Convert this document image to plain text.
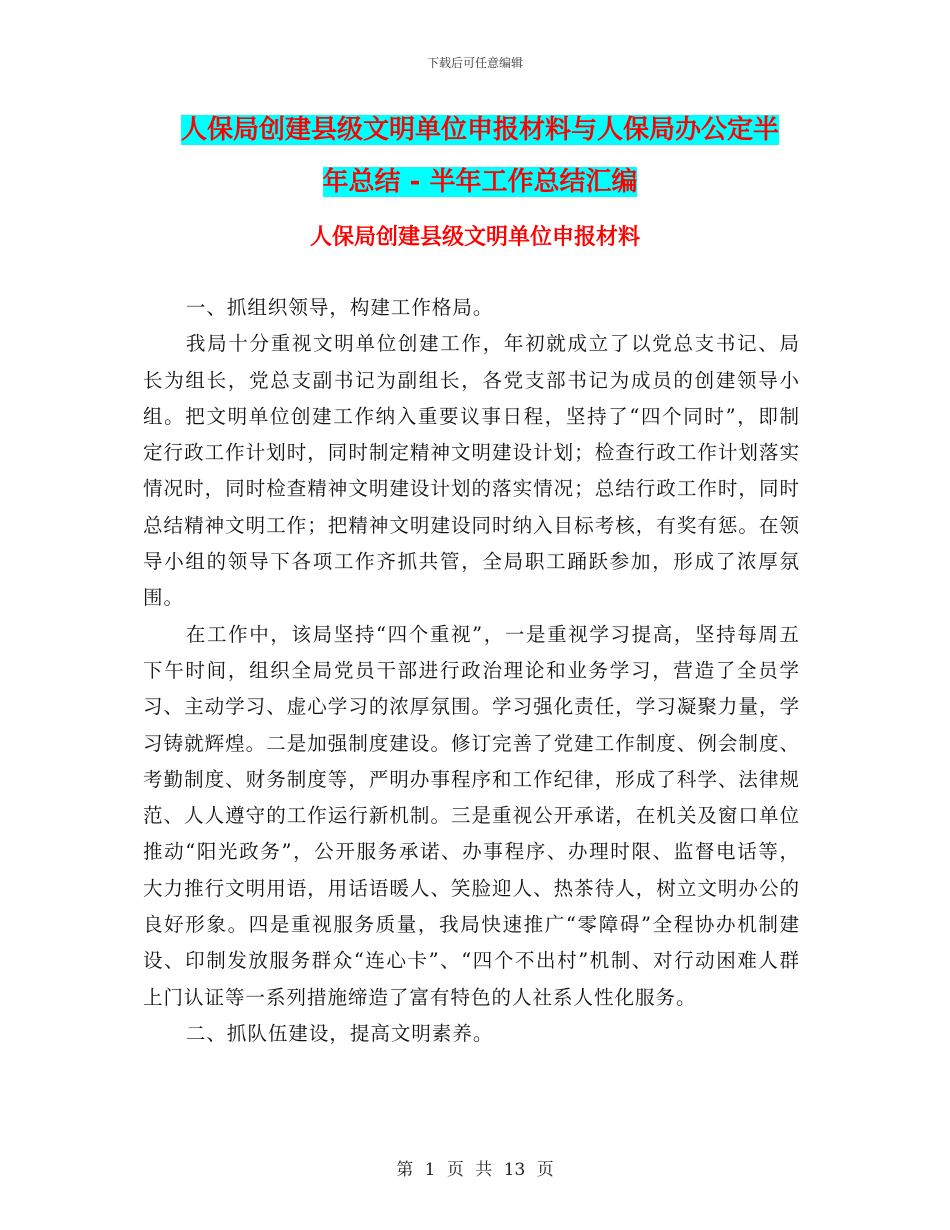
下载后可任意编辑
人保局创建县级文明单位申报材料与人保局办公定半
年总结 - 半年工作总结汇编
人保局创建县级文明单位申报材料

一、抓组织领导，构建工作格局。

我局十分重视文明单位创建工作，年初就成立了以党总支书记、局长为组长，党总支副书记为副组长，各党支部书记为成员的创建领导小组。把文明单位创建工作纳入重要议事日程，坚持了“四个同时”，即制定行政工作计划时，同时制定精神文明建设计划；检查行政工作计划落实情况时，同时检查精神文明建设计划的落实情况；总结行政工作时，同时总结精神文明工作；把精神文明建设同时纳入目标考核，有奖有惩。在领导小组的领导下各项工作齐抓共管，全局职工踊跃参加，形成了浓厚氛围。

在工作中，该局坚持“四个重视”，一是重视学习提高，坚持每周五下午时间，组织全局党员干部进行政治理论和业务学习，营造了全员学习、主动学习、虚心学习的浓厚氛围。学习强化责任，学习凝聚力量，学习铸就辉煌。二是加强制度建设。修订完善了党建工作制度、例会制度、考勤制度、财务制度等，严明办事程序和工作纪律，形成了科学、法律规范、人人遵守的工作运行新机制。三是重视公开承诺，在机关及窗口单位推动“阳光政务”，公开服务承诺、办事程序、办理时限、监督电话等，大力推行文明用语，用话语暖人、笑脸迎人、热茶待人，树立文明办公的良好形象。四是重视服务质量，我局快速推广“零障碍”全程协办机制建设、印制发放服务群众“连心卡”、“四个不出村”机制、对行动困难人群上门认证等一系列措施缔造了富有特色的人社系人性化服务。

二、抓队伍建设，提高文明素养。

第 1 页 共 13 页
